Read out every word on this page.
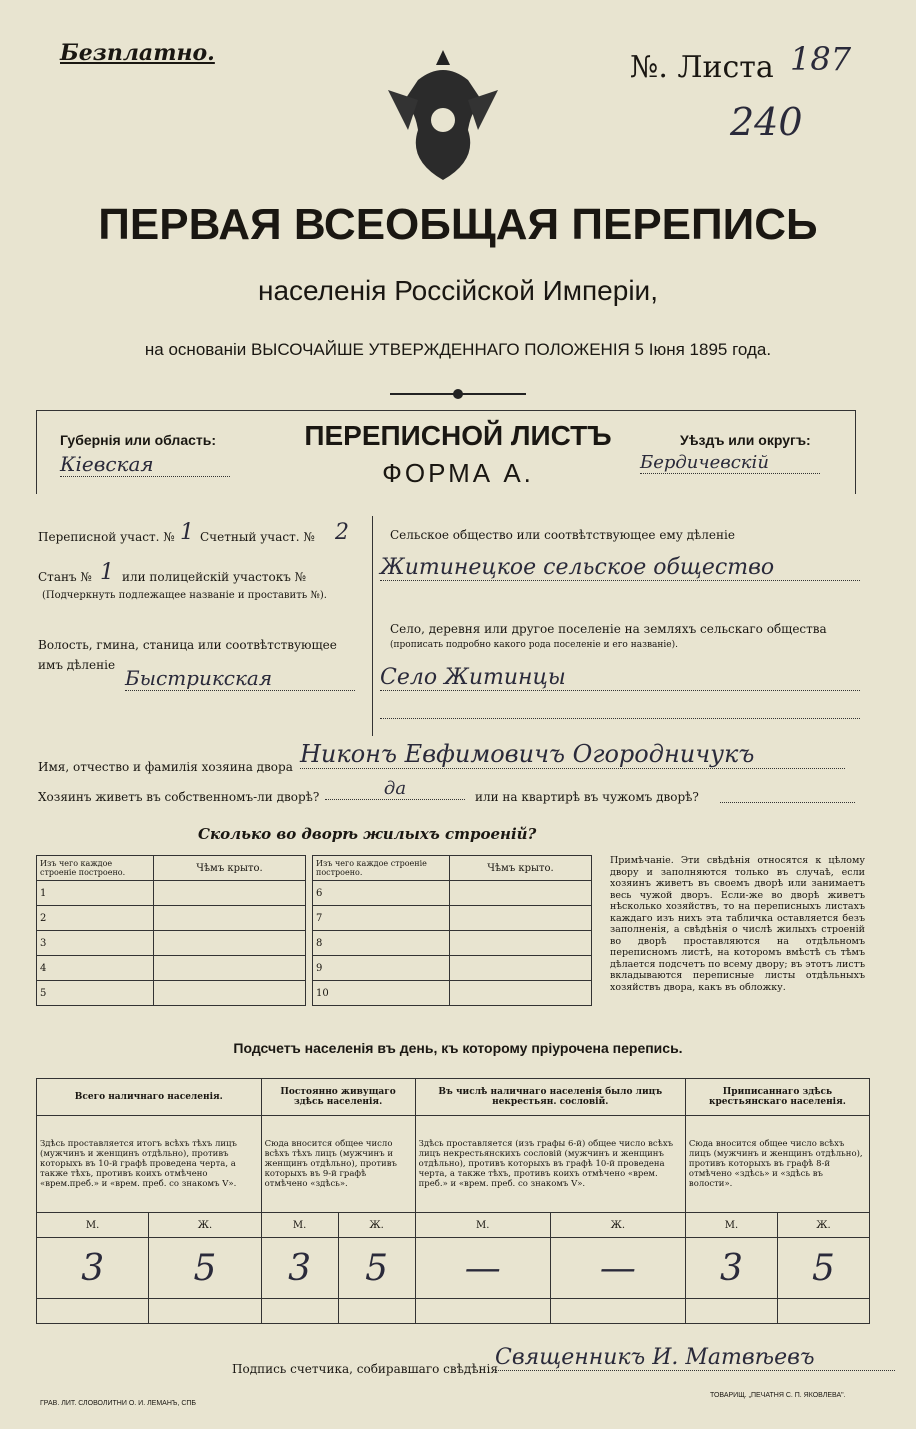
Безплатно.	№. Листа 187
240
ПЕРВАЯ ВСЕОБЩАЯ ПЕРЕПИСЬ
населенія Россійской Имперіи,
на основаніи ВЫСОЧАЙШЕ УТВЕРЖДЕННАГО ПОЛОЖЕНІЯ 5 Іюня 1895 года.
Губернія или область:
Кіевская
ПЕРЕПИСНОЙ ЛИСТЪ
ФОРМА А.
Уѣздъ или округъ:
Бердичевскій
Переписной участ. № 1 Счетный участ. № 2
Станъ № 1 или полицейскій участокъ №
(Подчеркнуть подлежащее названіе и проставить №).
Волость, гмина, станица или соотвѣтствующее имъ дѣленіе
Быстрикская
Сельское общество или соотвѣтствующее ему дѣленіе
Житинецкое сельское общество
Село, деревня или другое поселеніе на земляхъ сельскаго общества
(прописать подробно какого рода поселеніе и его названіе).
Село Житинцы
Имя, отчество и фамилія хозяина двора Никонъ Евфимовичъ Огородничукъ
Хозяинъ живетъ въ собственномъ-ли дворѣ?	да	или на квартирѣ въ чужомъ дворѣ?
Сколько во дворѣ жилыхъ строеній?
Изъ чего каждое строеніе построено.	Чѣмъ крыто.
1	
2	
3	
4	
5	
Изъ чего каждое строеніе построено.	Чѣмъ крыто.
6	
7	
8	
9	
10	
Примѣчаніе. Эти свѣдѣнія относятся к цѣлому двору и заполняются только въ случаѣ, если хозяинъ живетъ въ своемъ дворѣ или занимаетъ весь чужой дворъ. Если-же во дворѣ живетъ нѣсколько хозяйствъ, то на переписныхъ листахъ каждаго изъ нихъ эта табличка оставляется безъ заполненія, а свѣдѣнія о числѣ жилыхъ строеній во дворѣ проставляются на отдѣльномъ переписномъ листѣ, на которомъ вмѣстѣ съ тѣмъ дѣлается подсчетъ по всему двору; въ этотъ листъ вкладываются переписные листы отдѣльныхъ хозяйствъ двора, какъ въ обложку.
Подсчетъ населенія въ день, къ которому пріурочена перепись.
Всего наличнаго населенія.		Постоянно живущаго здѣсь населенія.		Въ числѣ наличнаго населенія было лицъ некрестьян. сословій.		Приписаннаго здѣсь крестьянскаго населенія.	
Здѣсь проставляется итогъ всѣхъ тѣхъ лицъ (мужчинъ и женщинъ отдѣльно), противъ которыхъ въ 10-й графѣ проведена черта, а также тѣхъ, противъ коихъ отмѣчено «врем.преб.» и «врем. преб. со знакомъ V».		Сюда вносится общее число всѣхъ тѣхъ лицъ (мужчинъ и женщинъ отдѣльно), противъ которыхъ въ 9-й графѣ отмѣчено «здѣсь».		Здѣсь проставляется (изъ графы 6-й) общее число всѣхъ лицъ некрестьянскихъ сословій (мужчинъ и женщинъ отдѣльно), противъ которыхъ въ графѣ 10-й проведена черта, а также тѣхъ, противъ коихъ отмѣчено «врем. преб.» и «врем. преб. со знакомъ V».		Сюда вносится общее число всѣхъ лицъ (мужчинъ и женщинъ отдѣльно), противъ которыхъ въ графѣ 8-й отмѣчено «здѣсь» и «здѣсь въ волости».	
М.	Ж.	М.	Ж.	М.	Ж.	М.	Ж.
3	5	3	5	—	—	3	5

Подпись счетчика, собиравшаго свѣдѣнія
Священникъ И. Матвѣевъ
ГРАВ. ЛИТ. СЛОВОЛИТНИ О. И. ЛЕМАНЪ, СПБ
ТОВАРИЩ. „ПЕЧАТНЯ С. П. ЯКОВЛЕВА".
